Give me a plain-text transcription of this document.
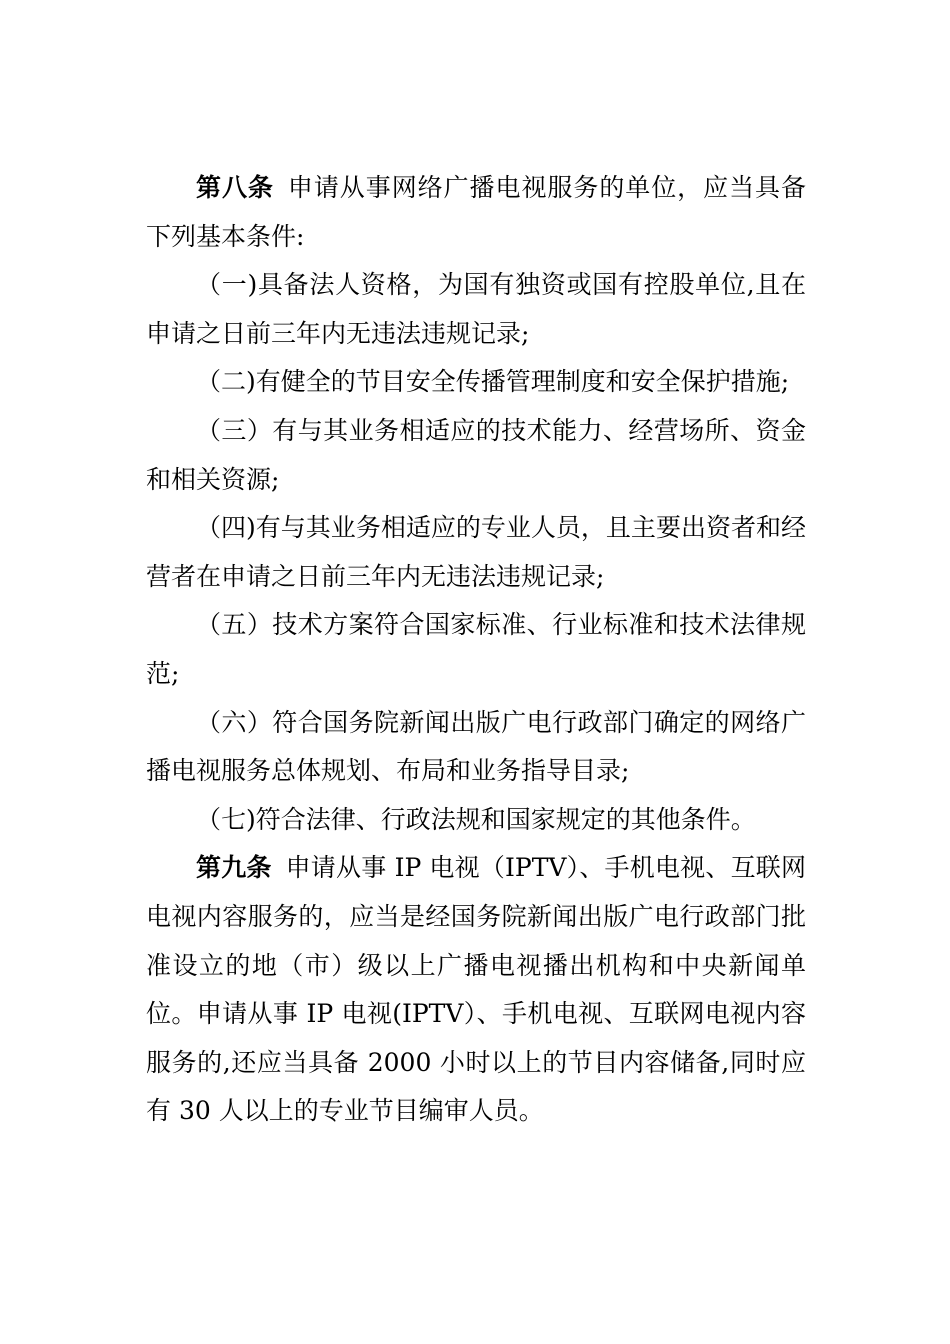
第八条 申请从事网络广播电视服务的单位，应当具备下列基本条件:

（一)具备法人资格，为国有独资或国有控股单位,且在申请之日前三年内无违法违规记录;

（二)有健全的节目安全传播管理制度和安全保护措施;

（三）有与其业务相适应的技术能力、经营场所、资金和相关资源;

（四)有与其业务相适应的专业人员，且主要出资者和经营者在申请之日前三年内无违法违规记录;

（五）技术方案符合国家标准、行业标准和技术法律规范;

（六）符合国务院新闻出版广电行政部门确定的网络广播电视服务总体规划、布局和业务指导目录;

（七)符合法律、行政法规和国家规定的其他条件。

第九条 申请从事 IP 电视（IPTV）、手机电视、互联网电视内容服务的，应当是经国务院新闻出版广电行政部门批准设立的地（市）级以上广播电视播出机构和中央新闻单位。申请从事 IP 电视(IPTV）、手机电视、互联网电视内容服务的,还应当具备 2000 小时以上的节目内容储备,同时应有 30 人以上的专业节目编审人员。
